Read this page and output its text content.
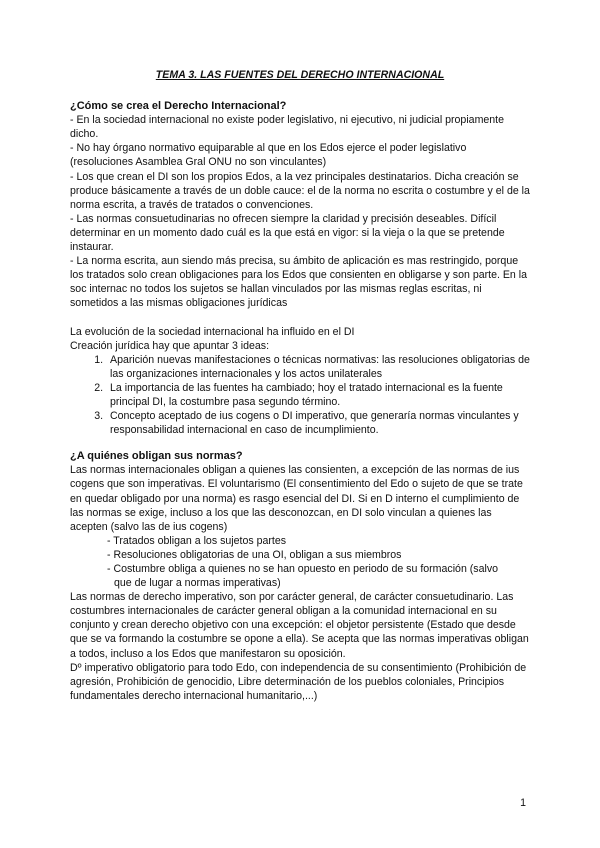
TEMA 3. LAS FUENTES DEL DERECHO INTERNACIONAL

¿Cómo se crea el Derecho Internacional?

- En la sociedad internacional no existe poder legislativo, ni ejecutivo, ni judicial propiamente dicho.

- No hay órgano normativo equiparable al que en los Edos ejerce el poder legislativo (resoluciones Asamblea Gral ONU no son vinculantes)

- Los que crean el DI son los propios Edos, a la vez principales destinatarios. Dicha creación se produce básicamente a través de un doble cauce: el de la norma no escrita o costumbre y el de la norma escrita, a través de tratados o convenciones.

- Las normas consuetudinarias no ofrecen siempre la claridad y precisión deseables. Difícil determinar en un momento dado cuál es la que está en vigor: si la vieja o la que se pretende instaurar.

- La norma escrita, aun siendo más precisa, su ámbito de aplicación es mas restringido, porque los tratados solo crean obligaciones para los Edos que consienten en obligarse y son parte. En la soc internac no todos los sujetos se hallan vinculados por las mismas reglas escritas, ni sometidos a las mismas obligaciones jurídicas

La evolución de la sociedad internacional ha influido en el DI

Creación jurídica hay que apuntar 3 ideas:

1. Aparición nuevas manifestaciones o técnicas normativas: las resoluciones obligatorias de las organizaciones internacionales y los actos unilaterales
2. La importancia de las fuentes ha cambiado; hoy el tratado internacional es la fuente principal DI, la costumbre pasa segundo término.
3. Concepto aceptado de ius cogens o DI imperativo, que generaría normas vinculantes y responsabilidad internacional en caso de incumplimiento.

¿A quiénes obligan sus normas?

Las normas internacionales obligan a quienes las consienten, a excepción de las normas de ius cogens que son imperativas. El voluntarismo (El consentimiento del Edo o sujeto de que se trate en quedar obligado por una norma) es rasgo esencial del DI. Si en D interno el cumplimiento de las normas se exige, incluso a los que las desconozcan, en DI solo vinculan a quienes las acepten (salvo las de ius cogens)

- Tratados obligan a los sujetos partes

- Resoluciones obligatorias de una OI, obligan a sus miembros

- Costumbre obliga a quienes no se han opuesto en periodo de su formación (salvo

que de lugar a normas imperativas)

Las normas de derecho imperativo, son por carácter general, de carácter consuetudinario. Las costumbres internacionales de carácter general obligan a la comunidad internacional en su conjunto y crean derecho objetivo con una excepción: el objetor persistente (Estado que desde que se va formando la costumbre se opone a ella). Se acepta que las normas imperativas obligan a todos, incluso a los Edos que manifestaron su oposición.

Dº imperativo obligatorio para todo Edo, con independencia de su consentimiento (Prohibición de agresión, Prohibición de genocidio, Libre determinación de los pueblos coloniales, Principios fundamentales derecho internacional humanitario,...)

1
